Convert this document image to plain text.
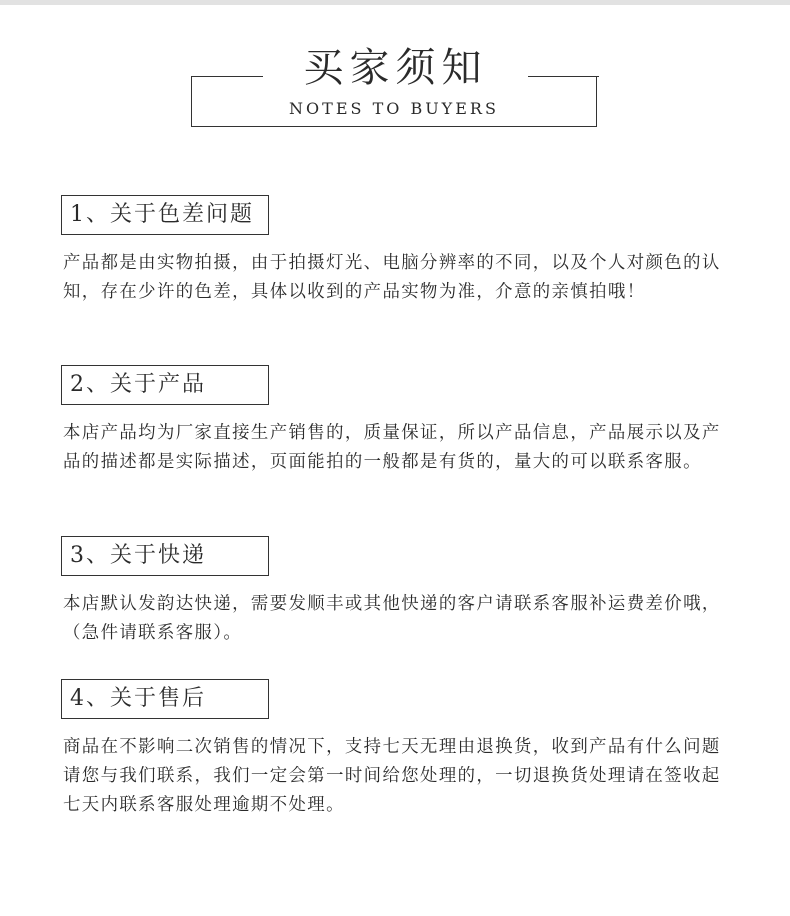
买家须知
NOTES TO BUYERS
1、关于色差问题

产品都是由实物拍摄，由于拍摄灯光、电脑分辨率的不同，以及个人对颜色的认知，存在少许的色差，具体以收到的产品实物为准，介意的亲慎拍哦！

2、关于产品

本店产品均为厂家直接生产销售的，质量保证，所以产品信息，产品展示以及产品的描述都是实际描述，页面能拍的一般都是有货的，量大的可以联系客服。

3、关于快递

本店默认发韵达快递，需要发顺丰或其他快递的客户请联系客服补运费差价哦，（急件请联系客服）。

4、关于售后

商品在不影响二次销售的情况下，支持七天无理由退换货，收到产品有什么问题请您与我们联系，我们一定会第一时间给您处理的，一切退换货处理请在签收起七天内联系客服处理逾期不处理。
